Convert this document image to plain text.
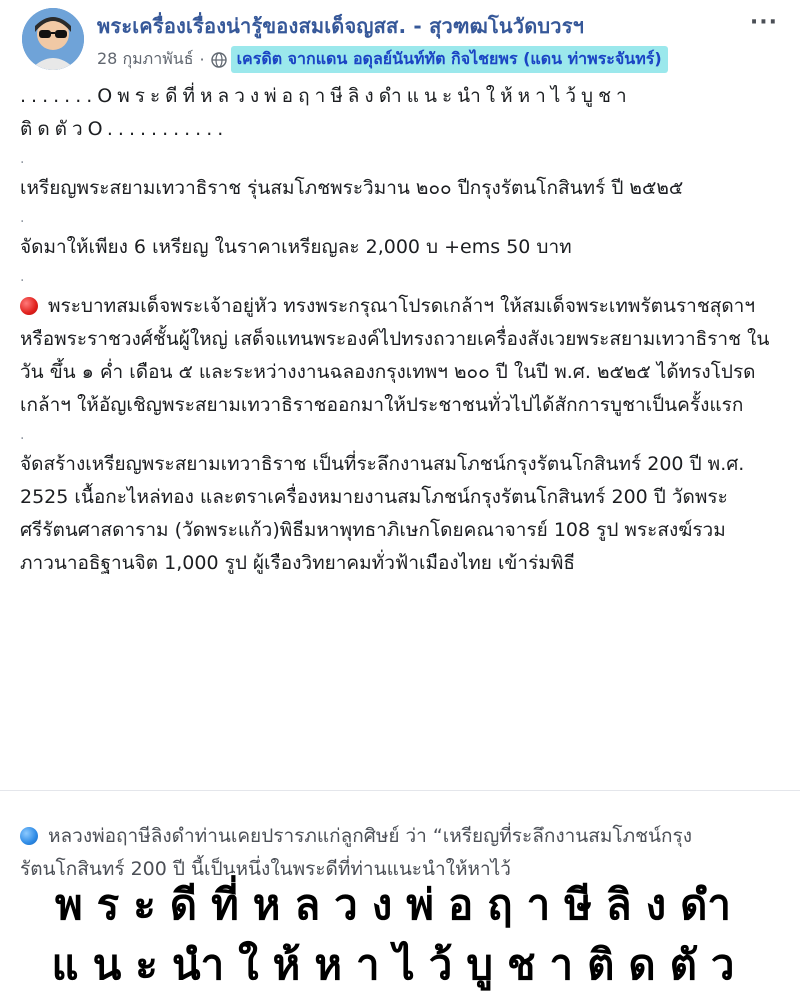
พระเครื่องเรื่องน่ารู้ของสมเด็จญสส. - สุวฑฒโนวัดบวรฯ
28 กุมภาพันธ์ ·	เครดิต จากแดน อดุลย์นันท์ทัต กิจไชยพร (แดน ท่าพระจันทร์)
···

.......Oพระดีที่หลวงพ่อฤาษีลิงดำแนะนำให้หาไว้บูชาติดตัวO...........

.

เหรียญพระสยามเทวาธิราช รุ่นสมโภชพระวิมาน ๒๐๐ ปีกรุงรัตนโกสินทร์ ปี ๒๕๒๕

.

จัดมาให้เพียง 6 เหรียญ ในราคาเหรียญละ 2,000 บ +ems 50 บาท

.

พระบาทสมเด็จพระเจ้าอยู่หัว ทรงพระกรุณาโปรดเกล้าฯ ให้สมเด็จพระเทพรัตนราชสุดาฯ หรือพระราชวงศ์ชั้นผู้ใหญ่ เสด็จแทนพระองค์ไปทรงถวายเครื่องสังเวยพระสยามเทวาธิราช ในวัน ขึ้น ๑ ค่ำ เดือน ๕ และระหว่างงานฉลองกรุงเทพฯ ๒๐๐ ปี ในปี พ.ศ. ๒๕๒๕ ได้ทรงโปรดเกล้าฯ ให้อัญเชิญพระสยามเทวาธิราชออกมาให้ประชาชนทั่วไปได้สักการบูชาเป็นครั้งแรก

.

จัดสร้างเหรียญพระสยามเทวาธิราช เป็นที่ระลึกงานสมโภชน์กรุงรัตนโกสินทร์ 200 ปี พ.ศ. 2525 เนื้อกะไหล่ทอง และตราเครื่องหมายงานสมโภชน์กรุงรัตนโกสินทร์ 200 ปี วัดพระศรีรัตนศาสดาราม (วัดพระแก้ว)พิธีมหาพุทธาภิเษกโดยคณาจารย์ 108 รูป พระสงฆ์รวมภาวนาอธิฐานจิต 1,000 รูป ผู้เรืองวิทยาคมทั่วฟ้าเมืองไทย เข้าร่มพิธี

หลวงพ่อฤาษีลิงดำท่านเคยปรารภแก่ลูกศิษย์ ว่า “เหรียญที่ระลึกงานสมโภชน์กรุงรัตนโกสินทร์ 200 ปี นี้เป็นหนึ่งในพระดีที่ท่านแนะนำให้หาไว้

พระดีที่หลวงพ่อฤาษีลิงดำ
แนะนำให้หาไว้บูชาติดตัว
